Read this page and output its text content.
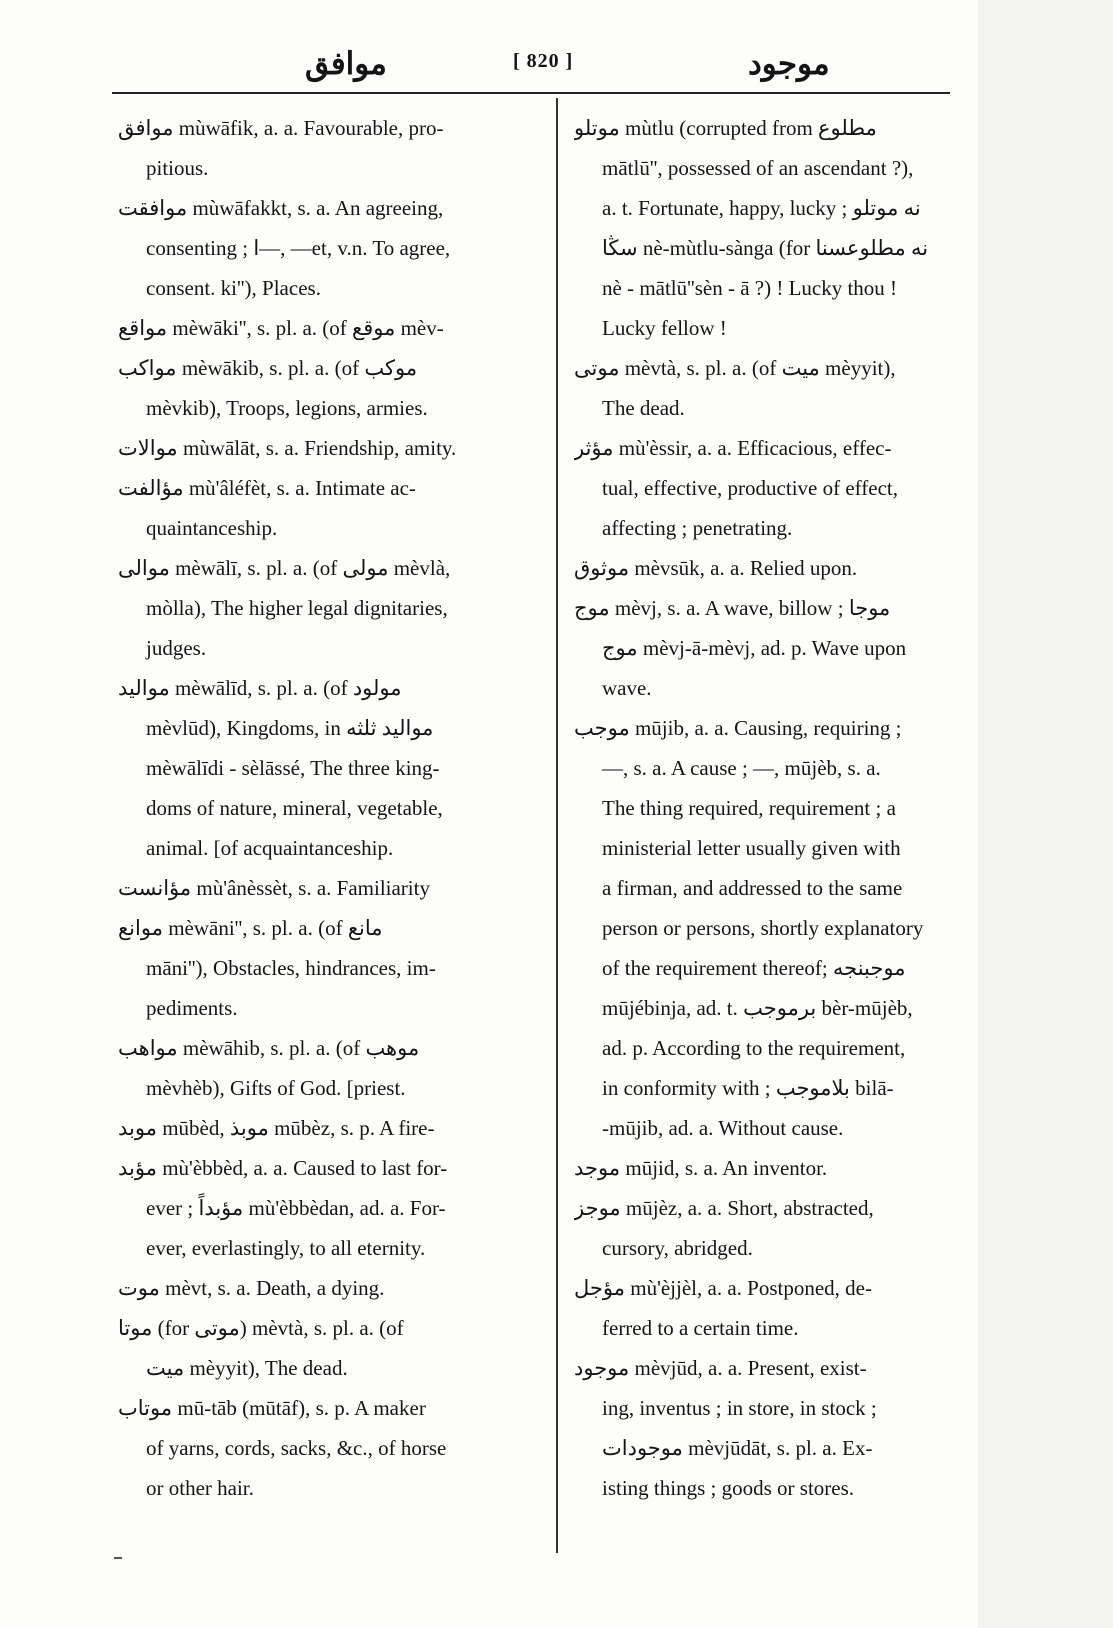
موافق	[ 820 ]	موجود
موافق mùwāfik, a. a. Favourable, pro-
pitious.
موافقت mùwāfakkt, s. a. An agreeing,
consenting ; ا—, —et, v.n. To agree,
consent. ki''), Places.
مواقع mèwāki'', s. pl. a. (of موقع mèv-
مواكب mèwākib, s. pl. a. (of موكب
mèvkib), Troops, legions, armies.
موالات mùwālāt, s. a. Friendship, amity.
مؤالفت mù'âléfèt, s. a. Intimate ac-
quaintanceship.
موالى mèwālī, s. pl. a. (of مولى mèvlà,
mòlla), The higher legal dignitaries,
judges.
مواليد mèwālīd, s. pl. a. (of مولود
mèvlūd), Kingdoms, in مواليد ثلثه
mèwālīdi - sèlāssé, The three king-
doms of nature, mineral, vegetable,
animal. [of acquaintanceship.
مؤانست mù'ânèssèt, s. a. Familiarity
موانع mèwāni'', s. pl. a. (of مانع
māni''), Obstacles, hindrances, im-
pediments.
مواهب mèwāhib, s. pl. a. (of موهب
mèvhèb), Gifts of God. [priest.
موبد mūbèd, موبذ mūbèz, s. p. A fire-
مؤبد mù'èbbèd, a. a. Caused to last for-
ever ; مؤبداً mù'èbbèdan, ad. a. For-
ever, everlastingly, to all eternity.
موت mèvt, s. a. Death, a dying.
موتا (for موتى) mèvtà, s. pl. a. (of
ميت mèyyit), The dead.
موتاب mū-tāb (mūtāf), s. p. A maker
of yarns, cords, sacks, &c., of horse
or other hair.
موتلو mùtlu (corrupted from مطلوع
mātlū'', possessed of an ascendant ?),
a. t. Fortunate, happy, lucky ; نه موتلو
سڭا nè-mùtlu-sànga (for نه مطلوعسنا
nè - mātlū''sèn - ā ?) ! Lucky thou !
Lucky fellow !
موتى mèvtà, s. pl. a. (of ميت mèyyit),
The dead.
مؤثر mù'èssir, a. a. Efficacious, effec-
tual, effective, productive of effect,
affecting ; penetrating.
موثوق mèvsūk, a. a. Relied upon.
موج mèvj, s. a. A wave, billow ; موجا
موج mèvj-ā-mèvj, ad. p. Wave upon
wave.
موجب mūjib, a. a. Causing, requiring ;
—, s. a. A cause ; —, mūjèb, s. a.
The thing required, requirement ; a
ministerial letter usually given with
a firman, and addressed to the same
person or persons, shortly explanatory
of the requirement thereof; موجبنجه
mūjébinja, ad. t. برموجب bèr-mūjèb,
ad. p. According to the requirement,
in conformity with ; بلاموجب bilā-
-mūjib, ad. a. Without cause.
موجد mūjid, s. a. An inventor.
موجز mūjèz, a. a. Short, abstracted,
cursory, abridged.
مؤجل mù'èjjèl, a. a. Postponed, de-
ferred to a certain time.
موجود mèvjūd, a. a. Present, exist-
ing, inventus ; in store, in stock ;
موجودات mèvjūdāt, s. pl. a. Ex-
isting things ; goods or stores.
